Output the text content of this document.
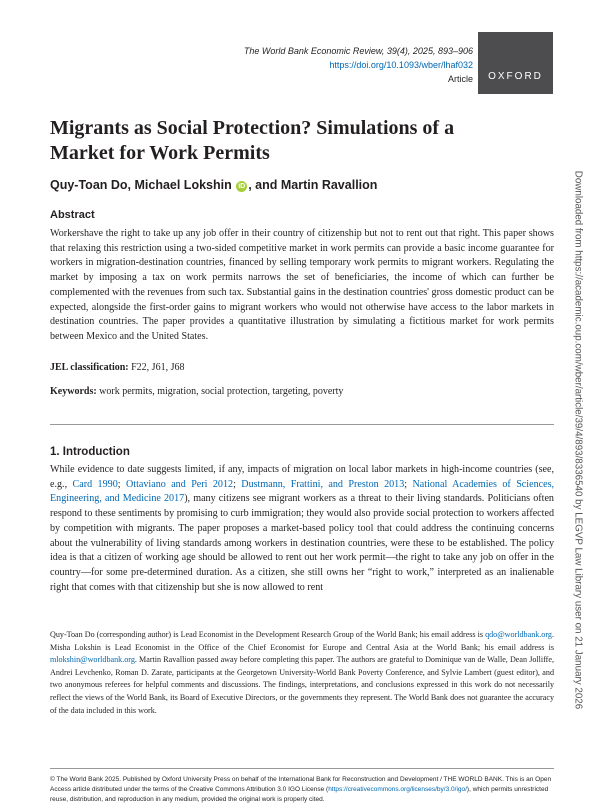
The World Bank Economic Review, 39(4), 2025, 893–906
https://doi.org/10.1093/wber/lhaf032
Article	OXFORD
Migrants as Social Protection? Simulations of a Market for Work Permits
Quy-Toan Do, Michael Lokshin iD , and Martin Ravallion
Abstract

Workershave the right to take up any job offer in their country of citizenship but not to rent out that right. This paper shows that relaxing this restriction using a two-sided competitive market in work permits can provide a basic income guarantee for workers in migration-destination countries, financed by selling temporary work permits to migrant workers. Regulating the market by imposing a tax on work permits narrows the set of beneficiaries, the income of which can further be complemented with the revenues from such tax. Substantial gains in the destination countries' gross domestic product can be expected, alongside the first-order gains to migrant workers who would not otherwise have access to the labor markets in destination countries. The paper provides a quantitative illustration by simulating a fictitious market for work permits between Mexico and the United States.

JEL classification: F22, J61, J68
Keywords: work permits, migration, social protection, targeting, poverty
1. Introduction

While evidence to date suggests limited, if any, impacts of migration on local labor markets in high-income countries (see, e.g., Card 1990; Ottaviano and Peri 2012; Dustmann, Frattini, and Preston 2013; National Academies of Sciences, Engineering, and Medicine 2017), many citizens see migrant workers as a threat to their living standards. Politicians often respond to these sentiments by promising to curb immigration; they would also provide social protection to workers affected by competition with migrants. The paper proposes a market-based policy tool that could address the continuing concerns about the vulnerability of living standards among workers in destination countries, were these to be established. The policy idea is that a citizen of working age should be allowed to rent out her work permit—the right to take any job on offer in the country—for some pre-determined duration. As a citizen, she still owns her “right to work,” interpreted as an inalienable right that comes with that citizenship but she is now allowed to rent

Quy-Toan Do (corresponding author) is Lead Economist in the Development Research Group of the World Bank; his email address is qdo@worldbank.org. Misha Lokshin is Lead Economist in the Office of the Chief Economist for Europe and Central Asia at the World Bank; his email address is mlokshin@worldbank.org. Martin Ravallion passed away before completing this paper. The authors are grateful to Dominique van de Walle, Dean Jolliffe, Andrei Levchenko, Roman D. Zarate, participants at the Georgetown University-World Bank Poverty Conference, and Sylvie Lambert (guest editor), and two anonymous referees for helpful comments and discussions. The findings, interpretations, and conclusions expressed in this work do not necessarily reflect the views of the World Bank, its Board of Executive Directors, or the governments they represent. The World Bank does not guarantee the accuracy of the data included in this work.

© The World Bank 2025. Published by Oxford University Press on behalf of the International Bank for Reconstruction and Development / THE WORLD BANK. This is an Open Access article distributed under the terms of the Creative Commons Attribution 3.0 IGO License (https://creativecommons.org/licenses/by/3.0/igo/), which permits unrestricted reuse, distribution, and reproduction in any medium, provided the original work is properly cited.
Downloaded from https://academic.oup.com/wber/article/39/4/893/8336540 by LEGVP Law Library user on 21 January 2026
